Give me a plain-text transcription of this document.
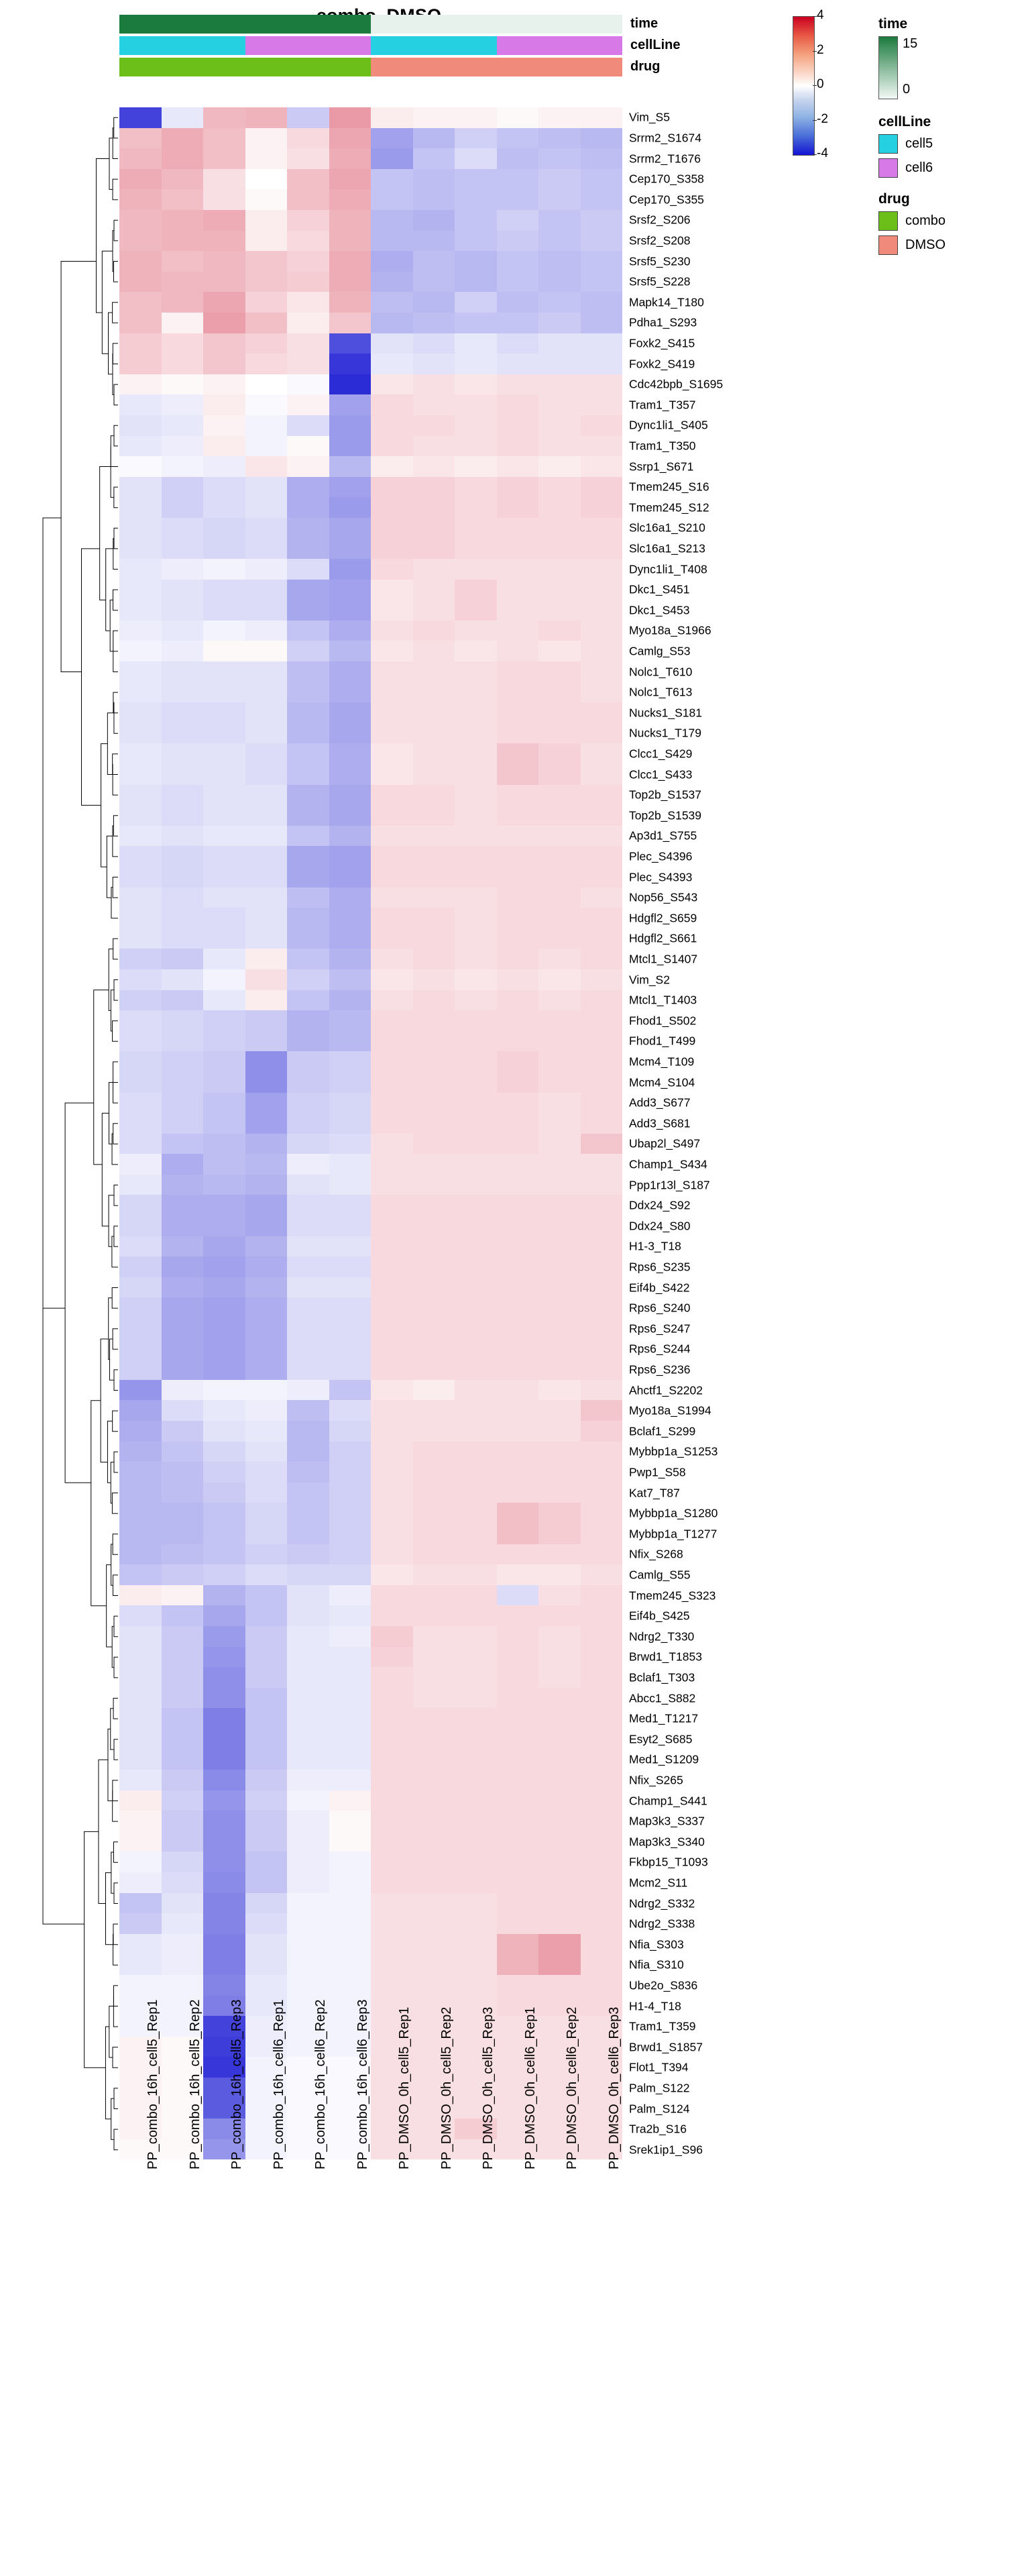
time
cellLine
drug
Vim_S5
Srrm2_S1674
Srrm2_T1676
Cep170_S358
Cep170_S355
Srsf2_S206
Srsf2_S208
Srsf5_S230
Srsf5_S228
Mapk14_T180
Pdha1_S293
Foxk2_S415
Foxk2_S419
Cdc42bpb_S1695
Tram1_T357
Dync1li1_S405
Tram1_T350
Ssrp1_S671
Tmem245_S16
Tmem245_S12
Slc16a1_S210
Slc16a1_S213
Dync1li1_T408
Dkc1_S451
Dkc1_S453
Myo18a_S1966
Camlg_S53
Nolc1_T610
Nolc1_T613
Nucks1_S181
Nucks1_T179
Clcc1_S429
Clcc1_S433
Top2b_S1537
Top2b_S1539
Ap3d1_S755
Plec_S4396
Plec_S4393
Nop56_S543
Hdgfl2_S659
Hdgfl2_S661
Mtcl1_S1407
Vim_S2
Mtcl1_T1403
Fhod1_S502
Fhod1_T499
Mcm4_T109
Mcm4_S104
Add3_S677
Add3_S681
Ubap2l_S497
Champ1_S434
Ppp1r13l_S187
Ddx24_S92
Ddx24_S80
H1-3_T18
Rps6_S235
Eif4b_S422
Rps6_S240
Rps6_S247
Rps6_S244
Rps6_S236
Ahctf1_S2202
Myo18a_S1994
Bclaf1_S299
Mybbp1a_S1253
Pwp1_S58
Kat7_T87
Mybbp1a_S1280
Mybbp1a_T1277
Nfix_S268
Camlg_S55
Tmem245_S323
Eif4b_S425
Ndrg2_T330
Brwd1_T1853
Bclaf1_T303
Abcc1_S882
Med1_T1217
Esyt2_S685
Med1_S1209
Nfix_S265
Champ1_S441
Map3k3_S337
Map3k3_S340
Fkbp15_T1093
Mcm2_S11
Ndrg2_S332
Ndrg2_S338
Nfia_S303
Nfia_S310
Ube2o_S836
H1-4_T18
Tram1_T359
Brwd1_S1857
Flot1_T394
Palm_S122
Palm_S124
Tra2b_S16
Srek1ip1_S96
PP_combo_16h_cell5_Rep1 PP_combo_16h_cell5_Rep2 PP_combo_16h_cell5_Rep3 PP_combo_16h_cell6_Rep1 PP_combo_16h_cell6_Rep2 PP_combo_16h_cell6_Rep3 PP_DMSO_0h_cell5_Rep1 PP_DMSO_0h_cell5_Rep2 PP_DMSO_0h_cell5_Rep3 PP_DMSO_0h_cell6_Rep1 PP_DMSO_0h_cell6_Rep2 PP_DMSO_0h_cell6_Rep3
4
2
0
-2
-4
time
15
0
cellLine
cell5
cell6
drug
combo
DMSO
